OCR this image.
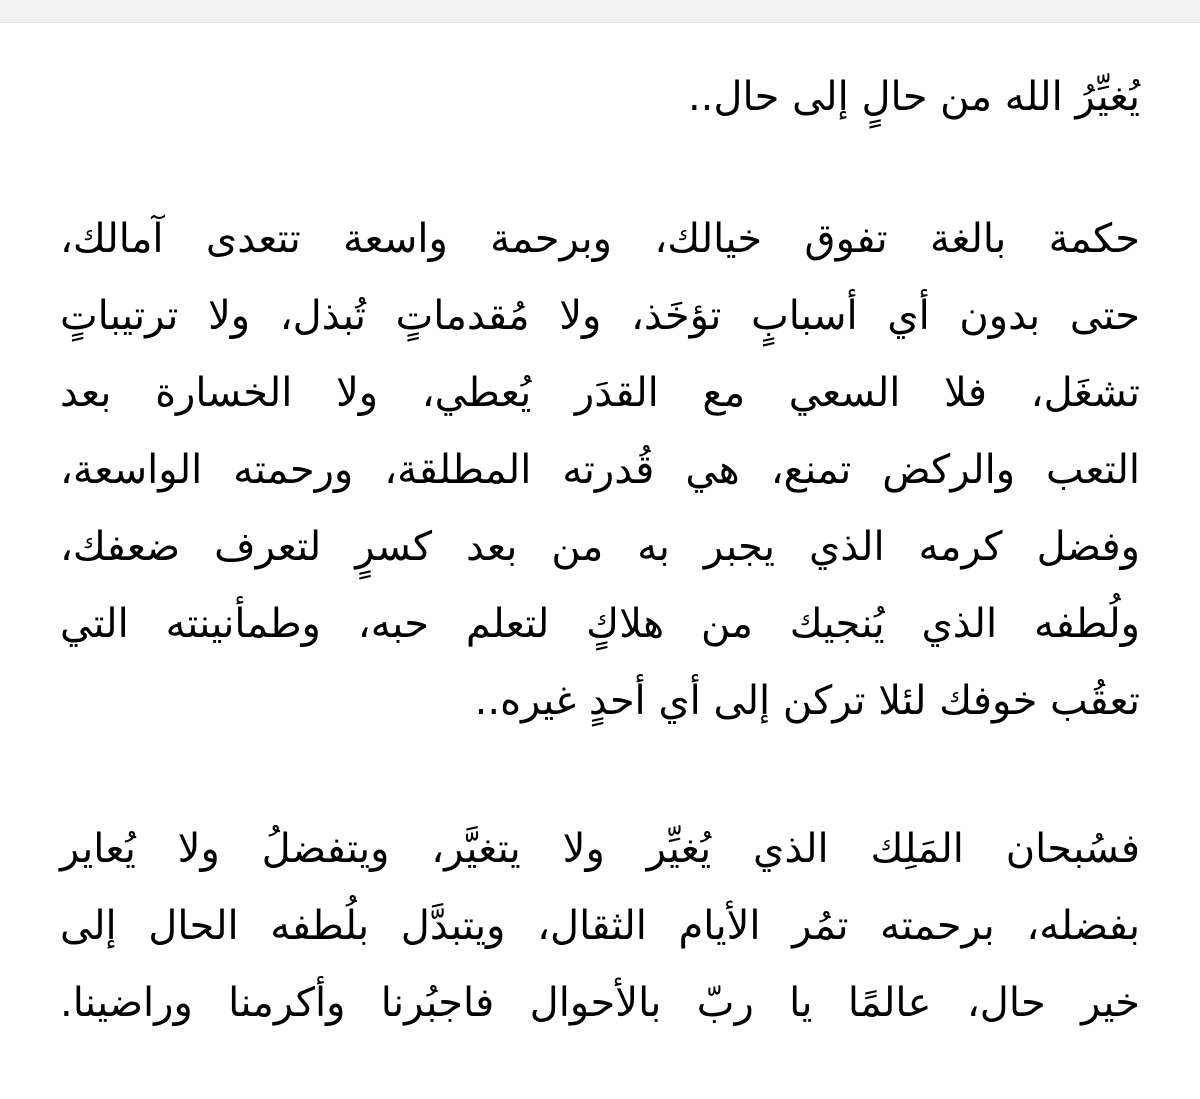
يُغيِّرُ الله من حالٍ إلى حال..
حكمة بالغة تفوق خيالك، وبرحمة واسعة تتعدى آمالك،
حتى بدون أي أسبابٍ تؤخَذ، ولا مُقدماتٍ تُبذل، ولا ترتيباتٍ
تشغَل، فلا السعي مع القدَر يُعطي، ولا الخسارة بعد
التعب والركض تمنع، هي قُدرته المطلقة، ورحمته الواسعة،
وفضل كرمه الذي يجبر به من بعد كسرٍ لتعرف ضعفك،
ولُطفه الذي يُنجيك من هلاكٍ لتعلم حبه، وطمأنينته التي
تعقُب خوفك لئلا تركن إلى أي أحدٍ غيره..
فسُبحان المَلِك الذي يُغيِّر ولا يتغيَّر، ويتفضلُ ولا يُعاير
بفضله، برحمته تمُر الأيام الثقال، ويتبدَّل بلُطفه الحال إلى
خير حال، عالمًا يا ربّ بالأحوال فاجبُرنا وأكرمنا وراضينا.
